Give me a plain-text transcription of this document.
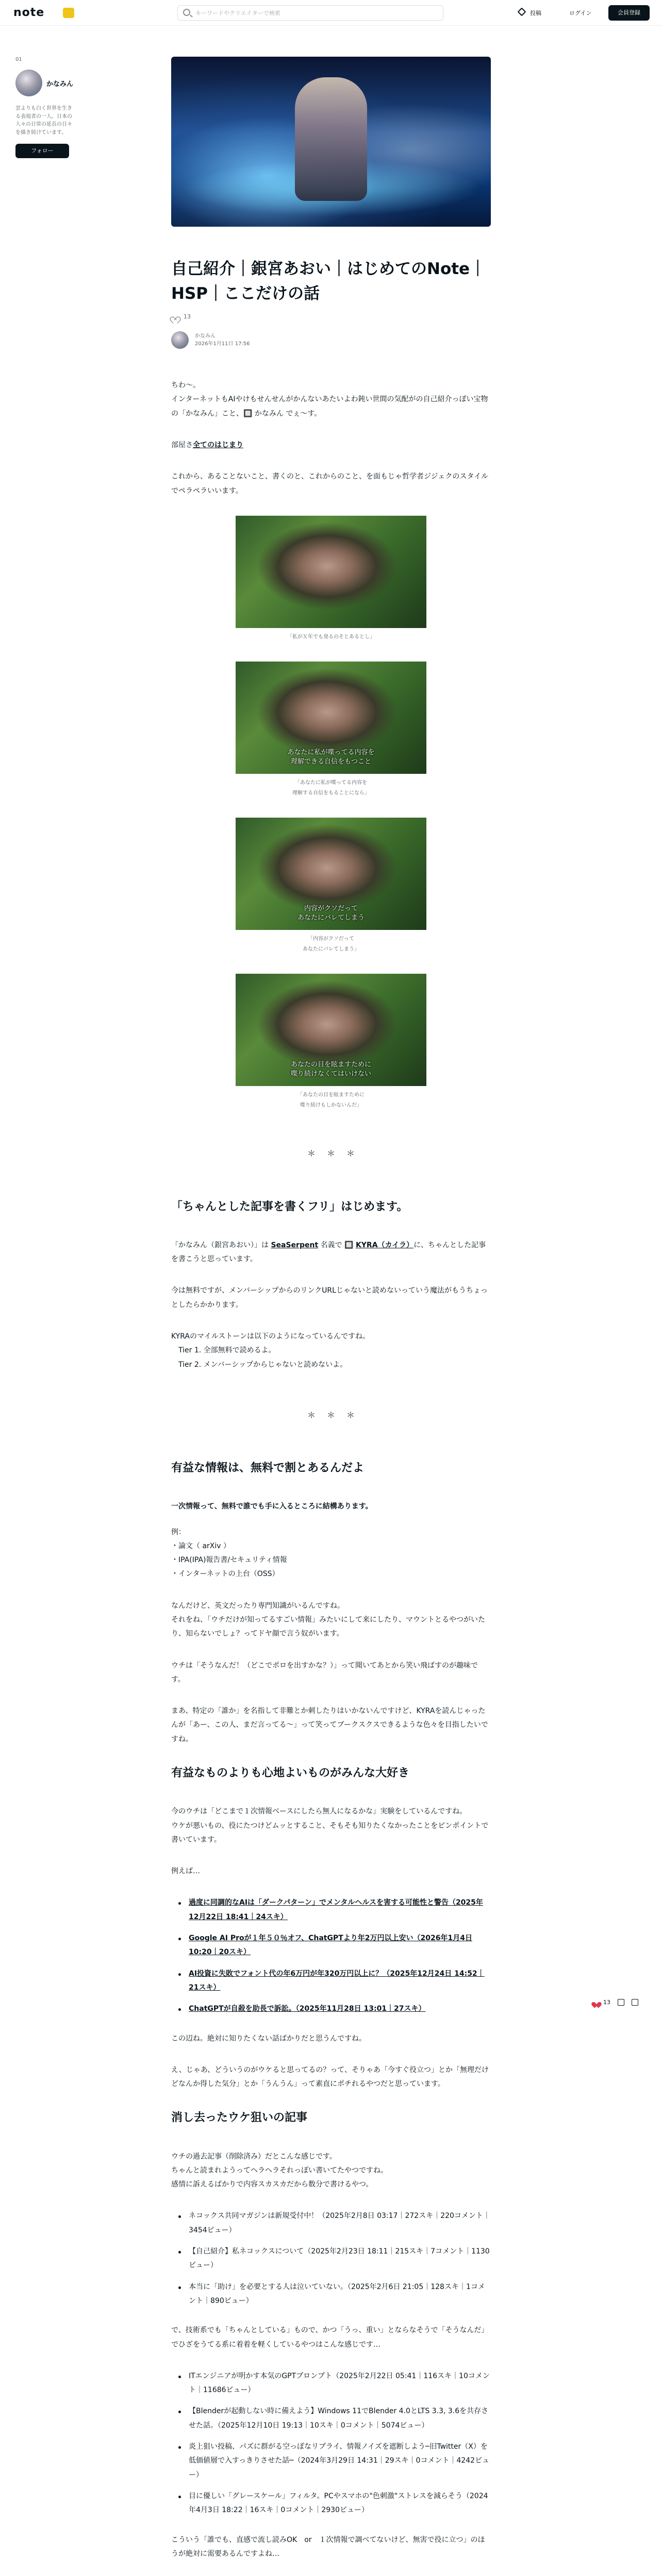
note
キーワードやクリエイターで検索	投稿	ログイン	会員登録
01
かなみん
雲よりも白く世界を生きる表現者の一人。日本の人々の日常の延長の日々を描き続けています。
フォロー
自己紹介｜銀宮あおい｜はじめてのNote｜HSP｜ここだけの話
13
かなみん
2026年1月11日 17:56

ちわ〜。
インターネットもAIやけもせんせんがかんないあたいよわ鈍い世間の気配がの自己紹介っぽい宝物の「かなみん」こと、🔲 かなみん でぇ〜す。

部屋さ全てのはじまり

これから、あることないこと、書くのと、これからのこと、を面もじゃ哲学者ジジェクのスタイルでペラペラいいます。

「私がＸ年でも発るのそとあるとし」
あなたに私が喋ってる内容を
理解できる自信をもつこと
「あなたに私が喋ってる内容を
理解する自信をもることになら」
内容がクソだって
あなたにバレてしまう
「内容がクソだって
あなたにバレてしまう」
あなたの目を眩ますために
喋り続けなくてはいけない
「あなたの目を眩ますために
喋り続けもしかないんだ」
＊＊＊
「ちゃんとした記事を書くフリ」はじめます。

「かなみん（銀宮あおい）」は SeaSerpent 名義で 🔲 KYRA（カイラ）に、ちゃんとした記事を書こうと思っています。

今は無料ですが、メンバーシップからのリンクURLじゃないと読めないっていう魔法がもうちょっとしたらかかります。

KYRAのマイルストーンは以下のようになっているんですね。
　Tier 1. 全部無料で読めるよ。
　Tier 2. メンバーシップからじゃないと読めないよ。

＊＊＊
有益な情報は、無料で割とあるんだよ
一次情報って、無料で誰でも手に入るところに結構あります。

例：
・論文（ arXiv ）
・IPA(IPA)報告書/セキュリティ情報
・インターネットの上台（OSS）

なんだけど、英文だったり専門知識がいるんですね。
それをね、「ウチだけが知ってるすごい情報」みたいにして来にしたり、マウントとるやつがいたり、知らないでしょ？ってドヤ顔で言う奴がいます。

ウチは「そうなんだ！（どこでポロを出すかな？）」って聞いてあとから笑い飛ばすのが趣味です。

まあ、特定の「誰か」を名指して非難とか刺したりはいかないんですけど、KYRAを読んじゃったんが「あー、この人、まだ言ってる〜」って笑ってブークスクスできるような色々を目指したいですね。

有益なものよりも心地よいものがみんな大好き

今のウチは「どこまで１次情報ベースにしたら無人になるかな」実験をしているんですね。
ウケが悪いもの、役にたつけどムッとすること、そもそも知りたくなかったことをピンポイントで書いています。

例えば…

過度に同調的なAIは「ダークパターン」でメンタルヘルスを害する可能性と警告（2025年12月22日 18:41｜24スキ）
Google AI Proが１年５０％オフ、ChatGPTより年2万円以上安い（2026年1月4日 10:20｜20スキ）
AI投資に失敗でフォント代の年6万円が年320万円以上に？（2025年12月24日 14:52｜21スキ）
ChatGPTが自殺を助長で訴訟。（2025年11月28日 13:01｜27スキ）

この辺ね。絶対に知りたくない話ばかりだと思うんですね。

え、じゃあ、どういうのがウケると思ってるの？って、そりゃあ「今すぐ役立つ」とか「無理だけどなんか得した気分」とか「うんうん」って素直にポチれるやつだと思っています。

消し去ったウケ狙いの記事

ウチの過去記事（削除済み）だとこんな感じです。
ちゃんと読まれようってヘラヘラそれっぽい書いてたやつですね。
感情に訴えるばかりで内容スカスカだから数分で書けるやつ。

ネコックス共同マガジンは新規受付中！（2025年2月8日 03:17｜272スキ｜220コメント｜3454ビュー）
【自己紹介】私ネコックスについて（2025年2月23日 18:11｜215スキ｜7コメント｜1130ビュー）
本当に「助け」を必要とする人は泣いていない。（2025年2月6日 21:05｜128スキ｜1コメント｜890ビュー）

で、技術系でも「ちゃんとしている」もので、かつ「うっ、重い」とならなそうで「そうなんだ」でひざをうてる系に着着を軽くしているやつはこんな感じです…

ITエンジニアが明かす本気のGPTプロンプト（2025年2月22日 05:41｜116スキ｜10コメント｜11686ビュー）
【Blenderが起動しない時に備えよう】Windows 11でBlender 4.0とLTS 3.3, 3.6を共存させた話。（2025年12月10日 19:13｜10スキ｜0コメント｜5074ビュー）
炎上狙い投稿、パズに群がる空っぽなリプライ、情報ノイズを遮断しよう─旧Twitter（X）を低価値層で入すっきりさせた話─（2024年3月29日 14:31｜29スキ｜0コメント｜4242ビュー）
目に優しい「グレースケール」フィルタ。PCやスマホの"色刺激"ストレスを減らそう（2024年4月3日 18:22｜16スキ｜0コメント｜2930ビュー）

こういう「誰でも、直感で流し読みOK　or　１次情報で調べてないけど、無害で役に立つ」のほうが絶対に需要あるんですよね…

13
